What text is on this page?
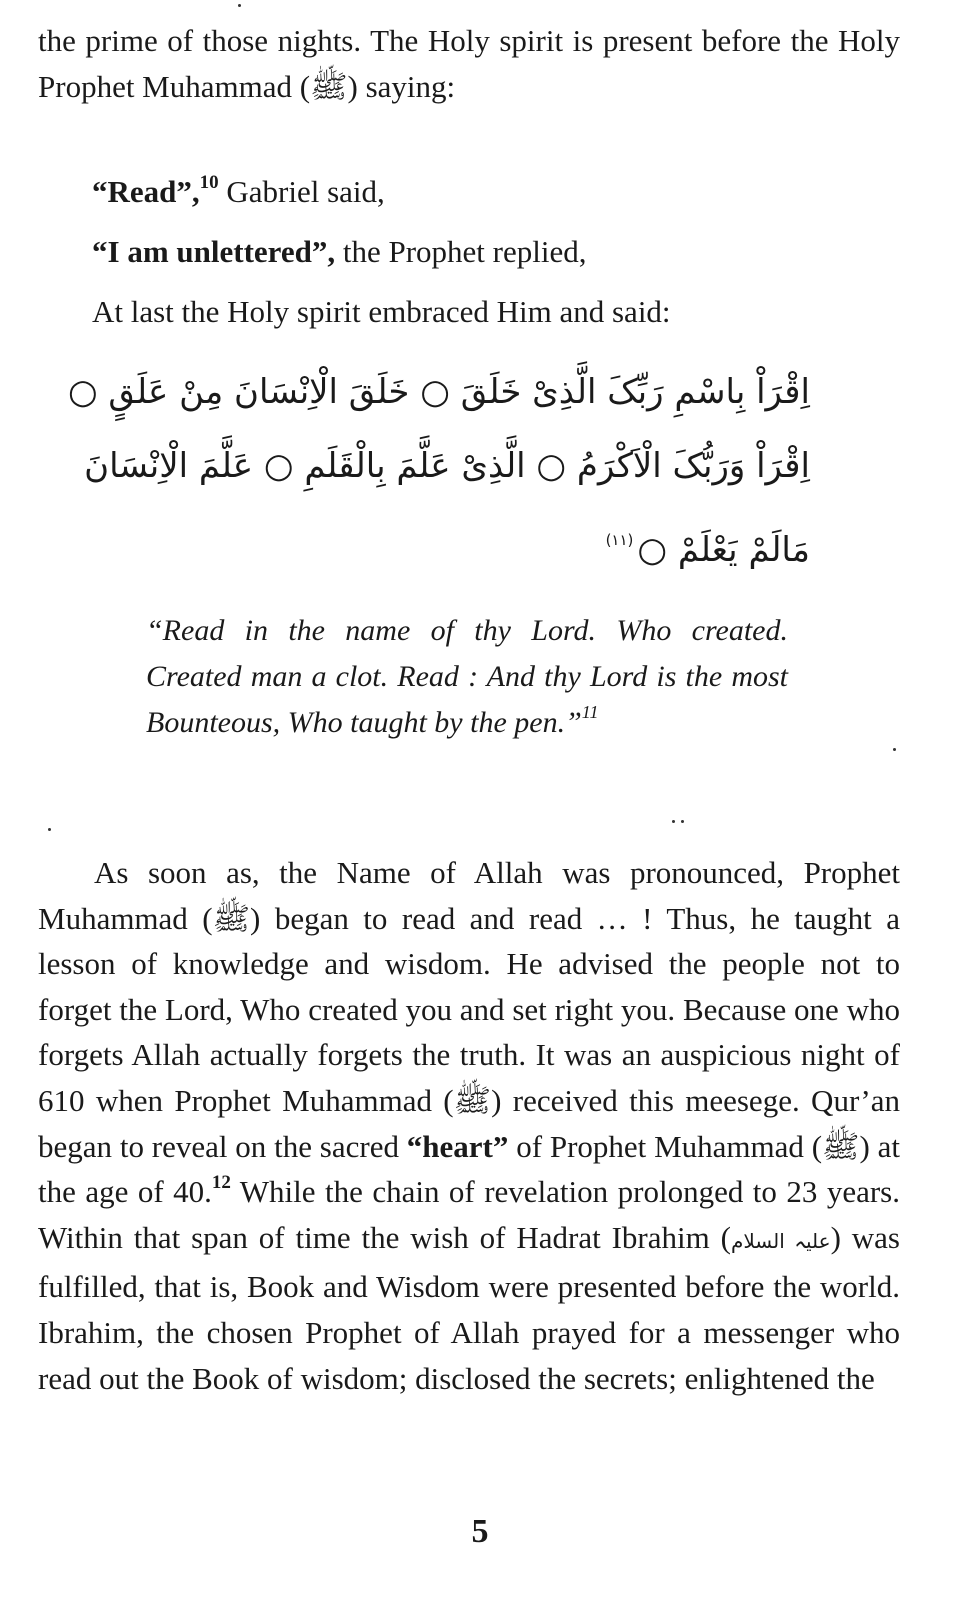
the prime of those nights. The Holy spirit is present before the Holy Prophet Muhammad (ﷺ) saying:

“Read”,$^{10}$ Gabriel said,

“I am unlettered”, the Prophet replied,

At last the Holy spirit embraced Him and said:

اِقْرَاْ بِاسْمِ رَبِّکَ الَّذِیْ خَلَقَ ○ خَلَقَ الْاِنْسَانَ مِنْ عَلَقٍ ○

اِقْرَاْ وَرَبُّکَ الْاَکْرَمُ ○ الَّذِیْ عَلَّمَ بِالْقَلَمِ ○ عَلَّمَ الْاِنْسَانَ

مَالَمْ یَعْلَمْ ○$^{(١١)}$

“Read in the name of thy Lord. Who created. Created man a clot. Read : And thy Lord is the most Bounteous, Who taught by the pen.”$^{11}$

As soon as, the Name of Allah was pronounced, Prophet Muhammad (ﷺ) began to read and read … ! Thus, he taught a lesson of knowledge and wisdom. He advised the people not to forget the Lord, Who created you and set right you. Because one who forgets Allah actually forgets the truth. It was an auspicious night of 610 when Prophet Muhammad (ﷺ) received this meesege. Qur’an began to reveal on the sacred “heart” of Prophet Muhammad (ﷺ) at the age of 40.12 While the chain of revelation prolonged to 23 years. Within that span of time the wish of Hadrat Ibrahim (علیہ السلام) was fulfilled, that is, Book and Wisdom were presented before the world. Ibrahim, the chosen Prophet of Allah prayed for a messenger who read out the Book of wisdom; disclosed the secrets; enlightened the

5
